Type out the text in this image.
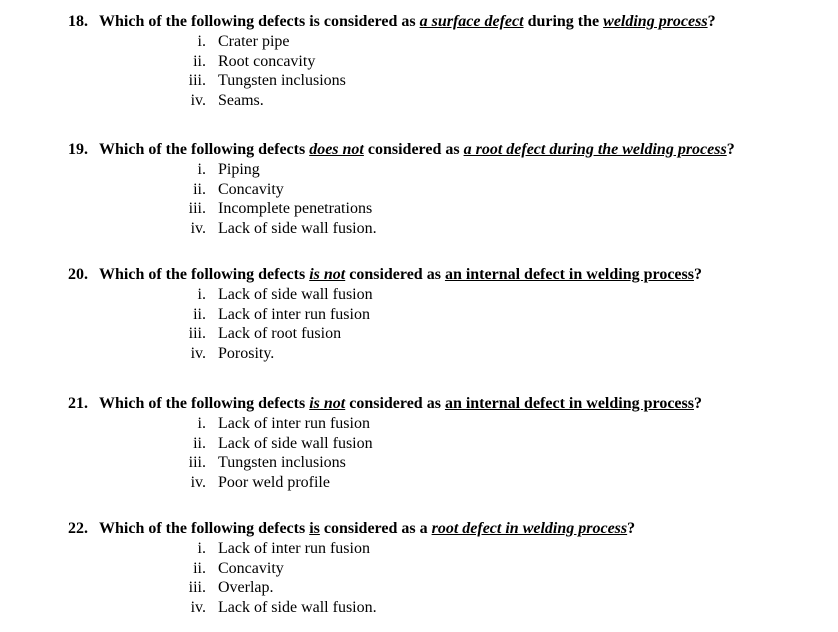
18. Which of the following defects is considered as a surface defect during the welding process?
i. Crater pipe
ii. Root concavity
iii. Tungsten inclusions
iv. Seams.
19. Which of the following defects does not considered as a root defect during the welding process?
i. Piping
ii. Concavity
iii. Incomplete penetrations
iv. Lack of side wall fusion.
20. Which of the following defects is not considered as an internal defect in welding process?
i. Lack of side wall fusion
ii. Lack of inter run fusion
iii. Lack of root fusion
iv. Porosity.
21. Which of the following defects is not considered as an internal defect in welding process?
i. Lack of inter run fusion
ii. Lack of side wall fusion
iii. Tungsten inclusions
iv. Poor weld profile
22. Which of the following defects is considered as a root defect in welding process?
i. Lack of inter run fusion
ii. Concavity
iii. Overlap.
iv. Lack of side wall fusion.
